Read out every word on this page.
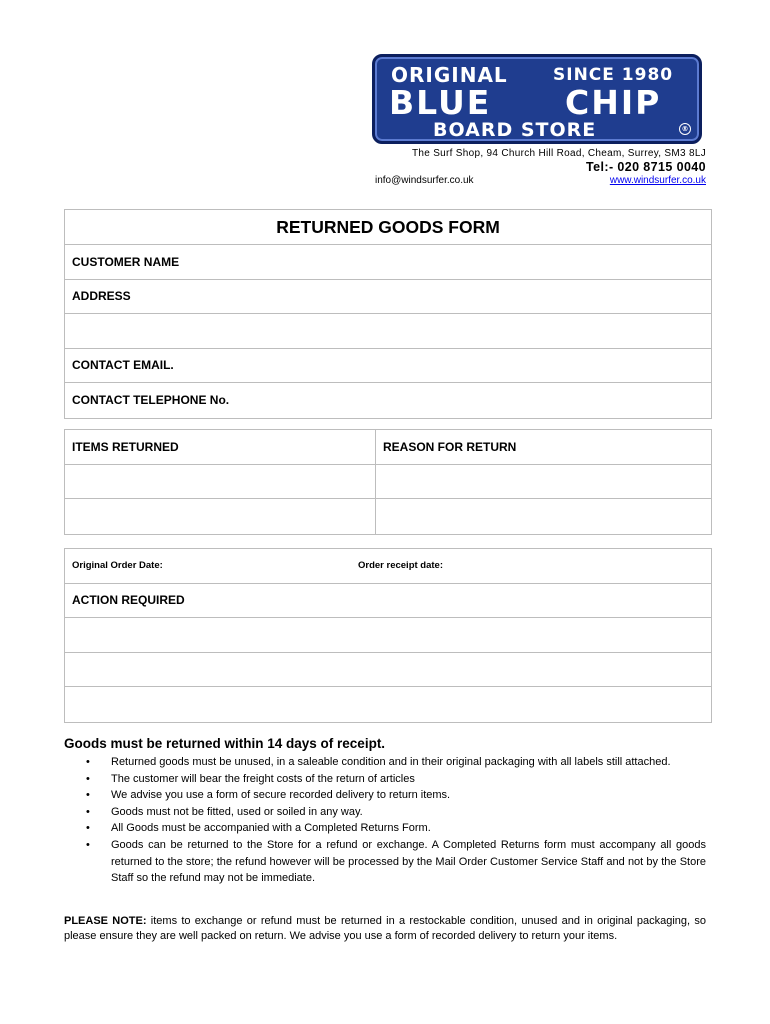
ORIGINAL	SINCE 1980
BLUE CHIP
BOARD STORE	®
The Surf Shop, 94 Church Hill Road, Cheam, Surrey, SM3 8LJ
Tel:- 020 8715 0040
info@windsurfer.co.uk	www.windsurfer.co.uk
RETURNED GOODS FORM
CUSTOMER NAME
ADDRESS
CONTACT EMAIL.
CONTACT TELEPHONE No.
ITEMS RETURNED	REASON FOR RETURN
Original Order Date:	Order receipt date:
ACTION REQUIRED
Goods must be returned within 14 days of receipt.
• Returned goods must be unused, in a saleable condition and in their original packaging with all labels still attached.
• The customer will bear the freight costs of the return of articles
• We advise you use a form of secure recorded delivery to return items.
• Goods must not be fitted, used or soiled in any way.
• All Goods must be accompanied with a Completed Returns Form.
• Goods can be returned to the Store for a refund or exchange. A Completed Returns form must accompany all goods returned to the store; the refund however will be processed by the Mail Order Customer Service Staff and not by the Store Staff so the refund may not be immediate.
PLEASE NOTE: items to exchange or refund must be returned in a restockable condition, unused and in original packaging, so please ensure they are well packed on return. We advise you use a form of recorded delivery to return your items.
